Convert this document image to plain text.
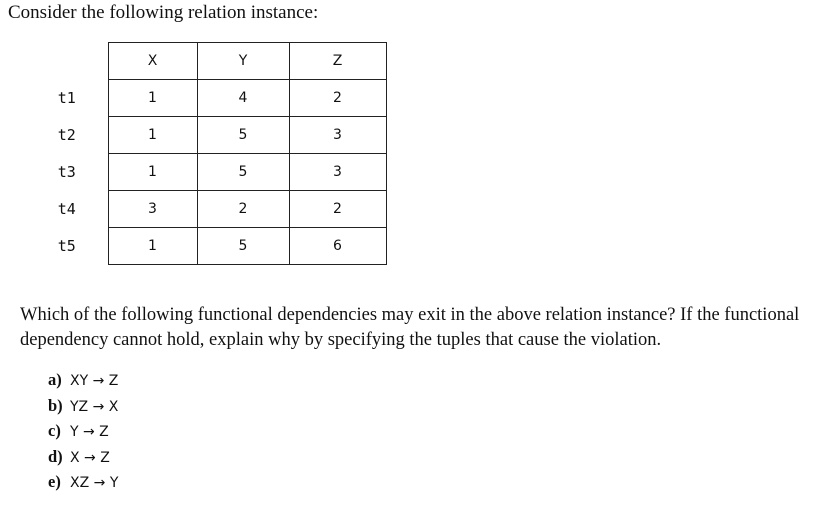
Consider the following relation instance:
	X	Y	Z
t1	1	4	2
t2	1	5	3
t3	1	5	3
t4	3	2	2
t5	1	5	6
Which of the following functional dependencies may exit in the above relation instance? If the functional dependency cannot hold, explain why by specifying the tuples that cause the violation.
a) XY → Z
b) YZ → X
c) Y → Z
d) X → Z
e) XZ → Y
